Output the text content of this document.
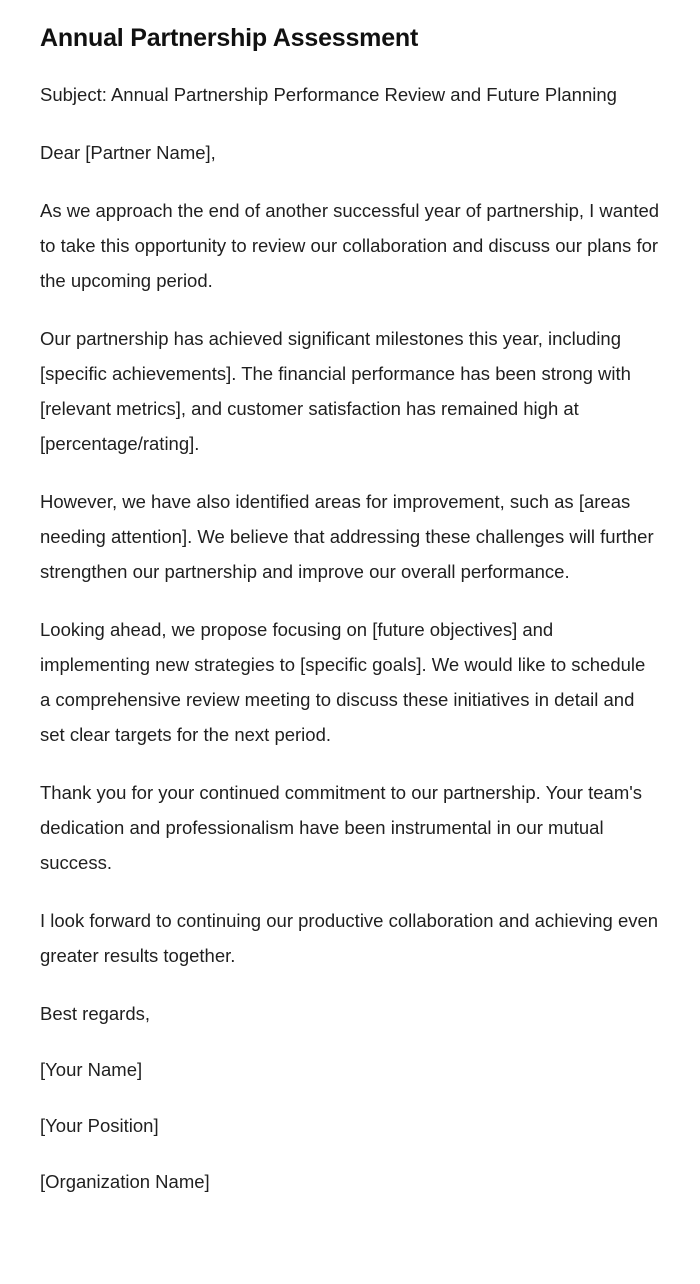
Annual Partnership Assessment

Subject: Annual Partnership Performance Review and Future Planning

Dear [Partner Name],

As we approach the end of another successful year of partnership, I wanted to take this opportunity to review our collaboration and discuss our plans for the upcoming period.

Our partnership has achieved significant milestones this year, including [specific achievements]. The financial performance has been strong with [relevant metrics], and customer satisfaction has remained high at [percentage/rating].

However, we have also identified areas for improvement, such as [areas needing attention]. We believe that addressing these challenges will further strengthen our partnership and improve our overall performance.

Looking ahead, we propose focusing on [future objectives] and implementing new strategies to [specific goals]. We would like to schedule a comprehensive review meeting to discuss these initiatives in detail and set clear targets for the next period.

Thank you for your continued commitment to our partnership. Your team's dedication and professionalism have been instrumental in our mutual success.

I look forward to continuing our productive collaboration and achieving even greater results together.

Best regards,

[Your Name]

[Your Position]

[Organization Name]
